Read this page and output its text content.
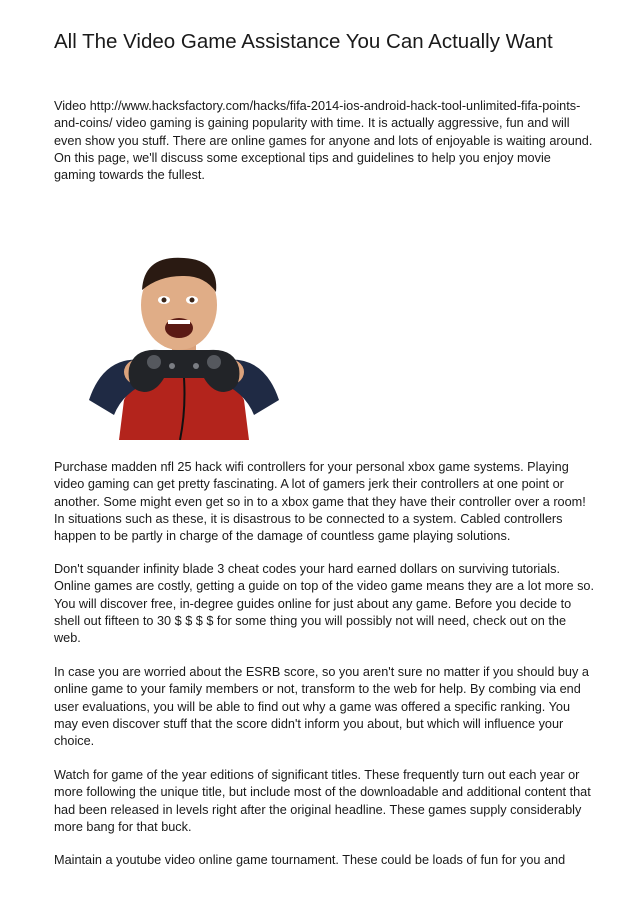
All The Video Game Assistance You Can Actually Want

Video http://www.hacksfactory.com/hacks/fifa-2014-ios-android-hack-tool-unlimited-fifa-points-and-coins/ video gaming is gaining popularity with time. It is actually aggressive, fun and will even show you stuff. There are online games for anyone and lots of enjoyable is waiting around. On this page, we'll discuss some exceptional tips and guidelines to help you enjoy movie gaming towards the fullest.

Purchase madden nfl 25 hack wifi controllers for your personal xbox game systems. Playing video gaming can get pretty fascinating. A lot of gamers jerk their controllers at one point or another. Some might even get so in to a xbox game that they have their controller over a room! In situations such as these, it is disastrous to be connected to a system. Cabled controllers happen to be partly in charge of the damage of countless game playing solutions.

Don't squander infinity blade 3 cheat codes your hard earned dollars on surviving tutorials. Online games are costly, getting a guide on top of the video game means they are a lot more so. You will discover free, in-degree guides online for just about any game. Before you decide to shell out fifteen to 30 $ $ $ $ for some thing you will possibly not will need, check out on the web.

In case you are worried about the ESRB score, so you aren't sure no matter if you should buy a online game to your family members or not, transform to the web for help. By combing via end user evaluations, you will be able to find out why a game was offered a specific ranking. You may even discover stuff that the score didn't inform you about, but which will influence your choice.

Watch for game of the year editions of significant titles. These frequently turn out each year or more following the unique title, but include most of the downloadable and additional content that had been released in levels right after the original headline. These games supply considerably more bang for that buck.

Maintain a youtube video online game tournament. These could be loads of fun for you and
